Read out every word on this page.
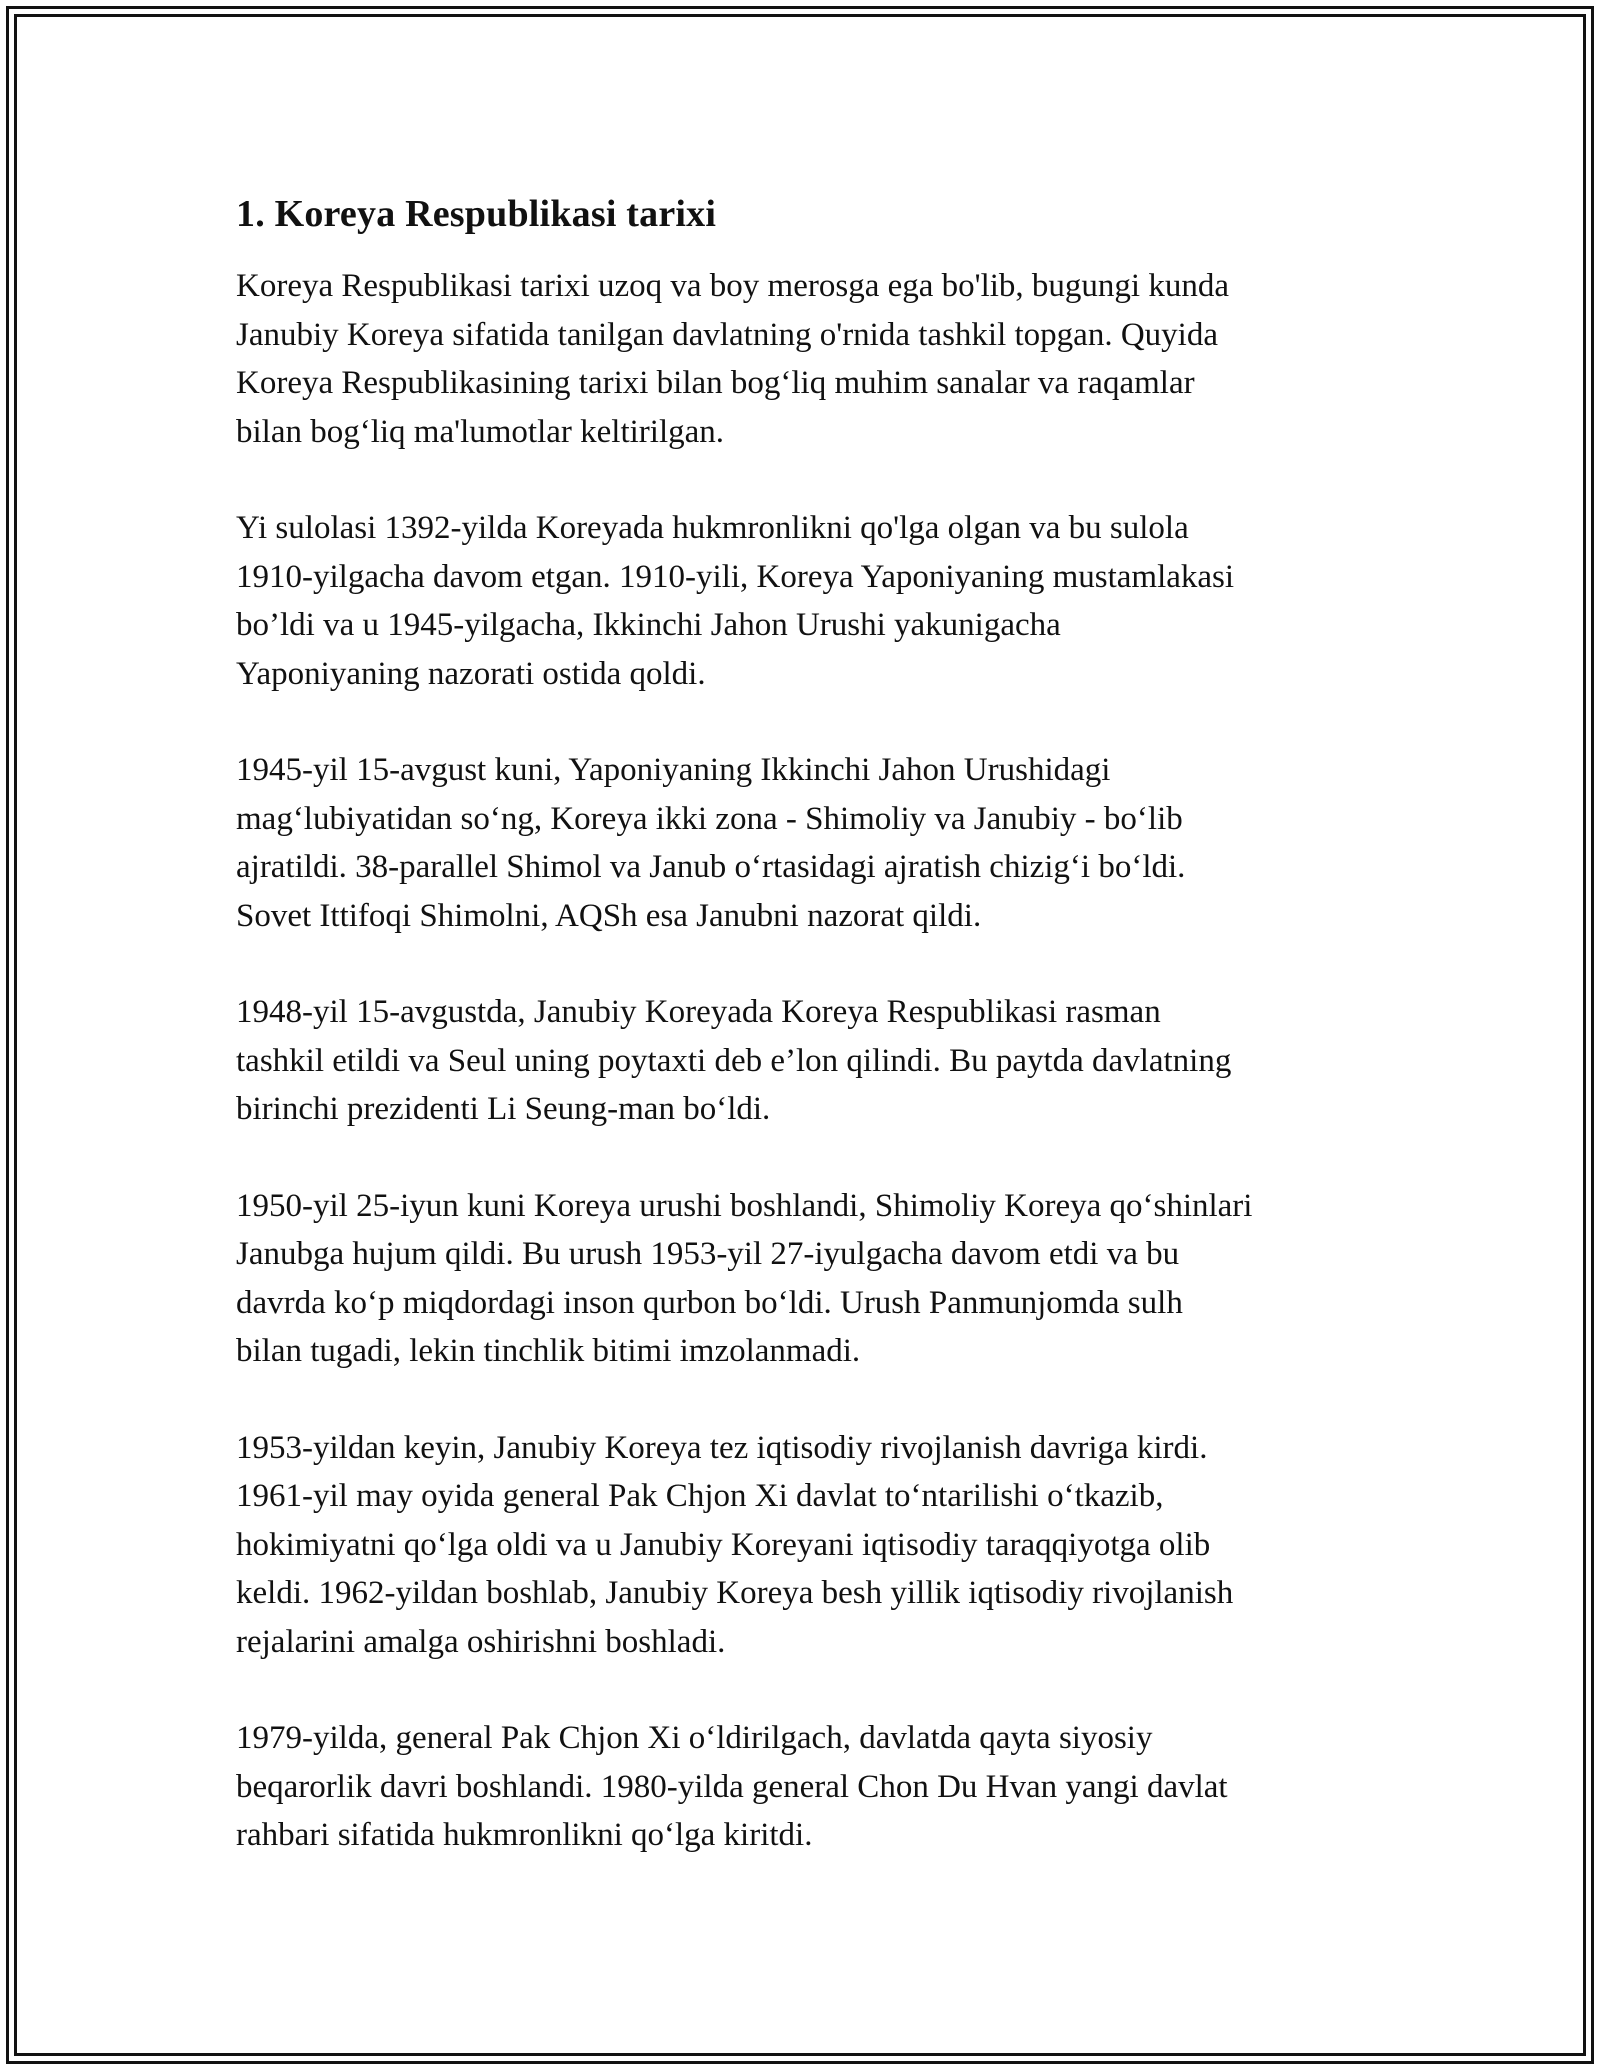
1. Koreya Respublikasi tarixi
Koreya Respublikasi tarixi uzoq va boy merosga ega bo'lib, bugungi kunda
Janubiy Koreya sifatida tanilgan davlatning o'rnida tashkil topgan. Quyida
Koreya Respublikasining tarixi bilan bog‘liq muhim sanalar va raqamlar
bilan bog‘liq ma'lumotlar keltirilgan.
Yi sulolasi 1392-yilda Koreyada hukmronlikni qo'lga olgan va bu sulola
1910-yilgacha davom etgan. 1910-yili, Koreya Yaponiyaning mustamlakasi
bo’ldi va u 1945-yilgacha, Ikkinchi Jahon Urushi yakunigacha
Yaponiyaning nazorati ostida qoldi.
1945-yil 15-avgust kuni, Yaponiyaning Ikkinchi Jahon Urushidagi
mag‘lubiyatidan so‘ng, Koreya ikki zona - Shimoliy va Janubiy - bo‘lib
ajratildi. 38-parallel Shimol va Janub o‘rtasidagi ajratish chizig‘i bo‘ldi.
Sovet Ittifoqi Shimolni, AQSh esa Janubni nazorat qildi.
1948-yil 15-avgustda, Janubiy Koreyada Koreya Respublikasi rasman
tashkil etildi va Seul uning poytaxti deb e’lon qilindi. Bu paytda davlatning
birinchi prezidenti Li Seung-man bo‘ldi.
1950-yil 25-iyun kuni Koreya urushi boshlandi, Shimoliy Koreya qo‘shinlari
Janubga hujum qildi. Bu urush 1953-yil 27-iyulgacha davom etdi va bu
davrda ko‘p miqdordagi inson qurbon bo‘ldi. Urush Panmunjomda sulh
bilan tugadi, lekin tinchlik bitimi imzolanmadi.
1953-yildan keyin, Janubiy Koreya tez iqtisodiy rivojlanish davriga kirdi.
1961-yil may oyida general Pak Chjon Xi davlat to‘ntarilishi o‘tkazib,
hokimiyatni qo‘lga oldi va u Janubiy Koreyani iqtisodiy taraqqiyotga olib
keldi. 1962-yildan boshlab, Janubiy Koreya besh yillik iqtisodiy rivojlanish
rejalarini amalga oshirishni boshladi.
1979-yilda, general Pak Chjon Xi o‘ldirilgach, davlatda qayta siyosiy
beqarorlik davri boshlandi. 1980-yilda general Chon Du Hvan yangi davlat
rahbari sifatida hukmronlikni qo‘lga kiritdi.
